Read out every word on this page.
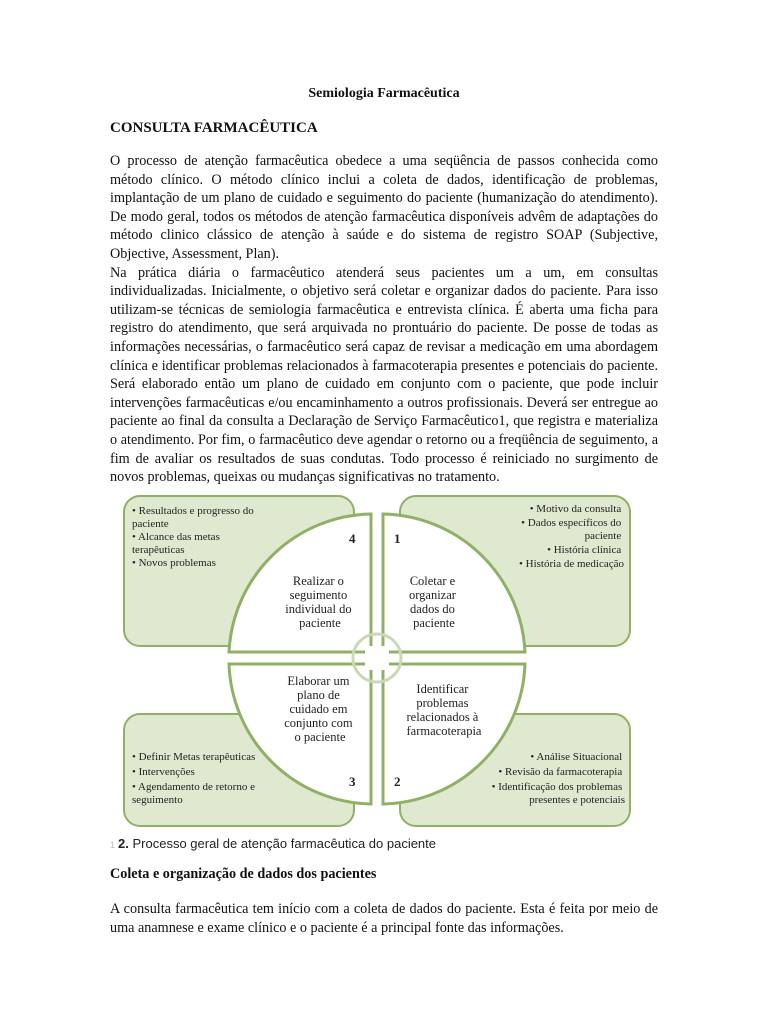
Semiologia Farmacêutica
CONSULTA FARMACÊUTICA

O processo de atenção farmacêutica obedece a uma seqüência de passos conhecida como método clínico. O método clínico inclui a coleta de dados, identificação de problemas, implantação de um plano de cuidado e seguimento do paciente (humanização do atendimento). De modo geral, todos os métodos de atenção farmacêutica disponíveis advêm de adaptações do método clinico clássico de atenção à saúde e do sistema de registro SOAP (Subjective, Objective, Assessment, Plan).

Na prática diária o farmacêutico atenderá seus pacientes um a um, em consultas individualizadas. Inicialmente, o objetivo será coletar e organizar dados do paciente. Para isso utilizam-se técnicas de semiologia farmacêutica e entrevista clínica. É aberta uma ficha para registro do atendimento, que será arquivada no prontuário do paciente. De posse de todas as informações necessárias, o farmacêutico será capaz de revisar a medicação em uma abordagem clínica e identificar problemas relacionados à farmacoterapia presentes e potenciais do paciente. Será elaborado então um plano de cuidado em conjunto com o paciente, que pode incluir intervenções farmacêuticas e/ou encaminhamento a outros profissionais. Deverá ser entregue ao paciente ao final da consulta a Declaração de Serviço Farmacêutico1, que registra e materializa o atendimento. Por fim, o farmacêutico deve agendar o retorno ou a freqüência de seguimento, a fim de avaliar os resultados de suas condutas. Todo processo é reiniciado no surgimento de novos problemas, queixas ou mudanças significativas no tratamento.

• Resultados e progresso do paciente • Alcance das metas terapêuticas • Novos problemas
• Motivo da consulta • Dados específicos do paciente • História clínica • História de medicação
• Definir Metas terapêuticas • Intervenções • Agendamento de retorno e seguimento
• Análise Situacional • Revisão da farmacoterapia • Identificação dos problemas presentes e potenciais
4	1
3	2
Realizar o seguimento individual do paciente
Coletar e organizar dados do paciente
Elaborar um plano de cuidado em conjunto com o paciente
Identificar problemas relacionados à farmacoterapia
1 2. Processo geral de atenção farmacêutica do paciente
Coleta e organização de dados dos pacientes

A consulta farmacêutica tem início com a coleta de dados do paciente. Esta é feita por meio de uma anamnese e exame clínico e o paciente é a principal fonte das informações.
